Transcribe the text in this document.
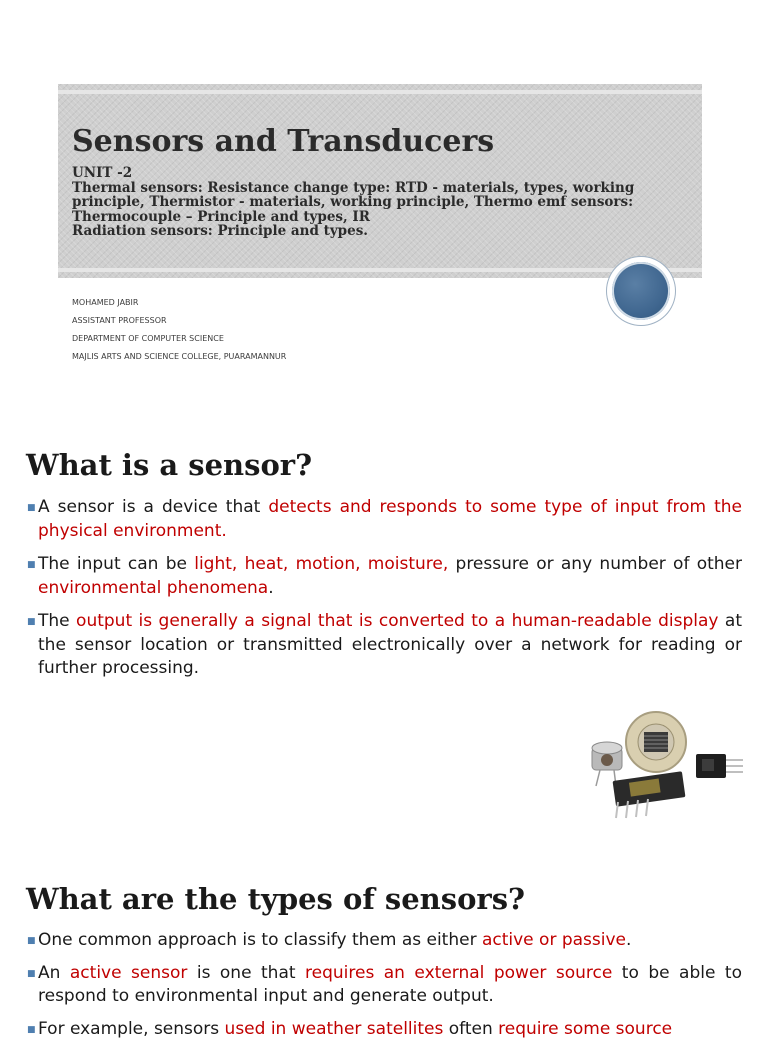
Sensors and Transducers

UNIT -2
Thermal sensors: Resistance change type: RTD - materials, types, working principle, Thermistor - materials, working principle, Thermo emf sensors: Thermocouple – Principle and types, IR
Radiation sensors: Principle and types.

MOHAMED JABIR
ASSISTANT PROFESSOR
DEPARTMENT OF COMPUTER SCIENCE
MAJLIS ARTS AND SCIENCE COLLEGE, PUARAMANNUR

What is a sensor?
■ A sensor is a device that detects and responds to some type of input from the physical environment.
■ The input can be light, heat, motion, moisture, pressure or any number of other environmental phenomena.
■ The output is generally a signal that is converted to a human-readable display at the sensor location or transmitted electronically over a network for reading or further processing.
What are the types of sensors?
■ One common approach is to classify them as either active or passive.
■ An active sensor is one that requires an external power source to be able to respond to environmental input and generate output.
■ For example, sensors used in weather satellites often require some source
